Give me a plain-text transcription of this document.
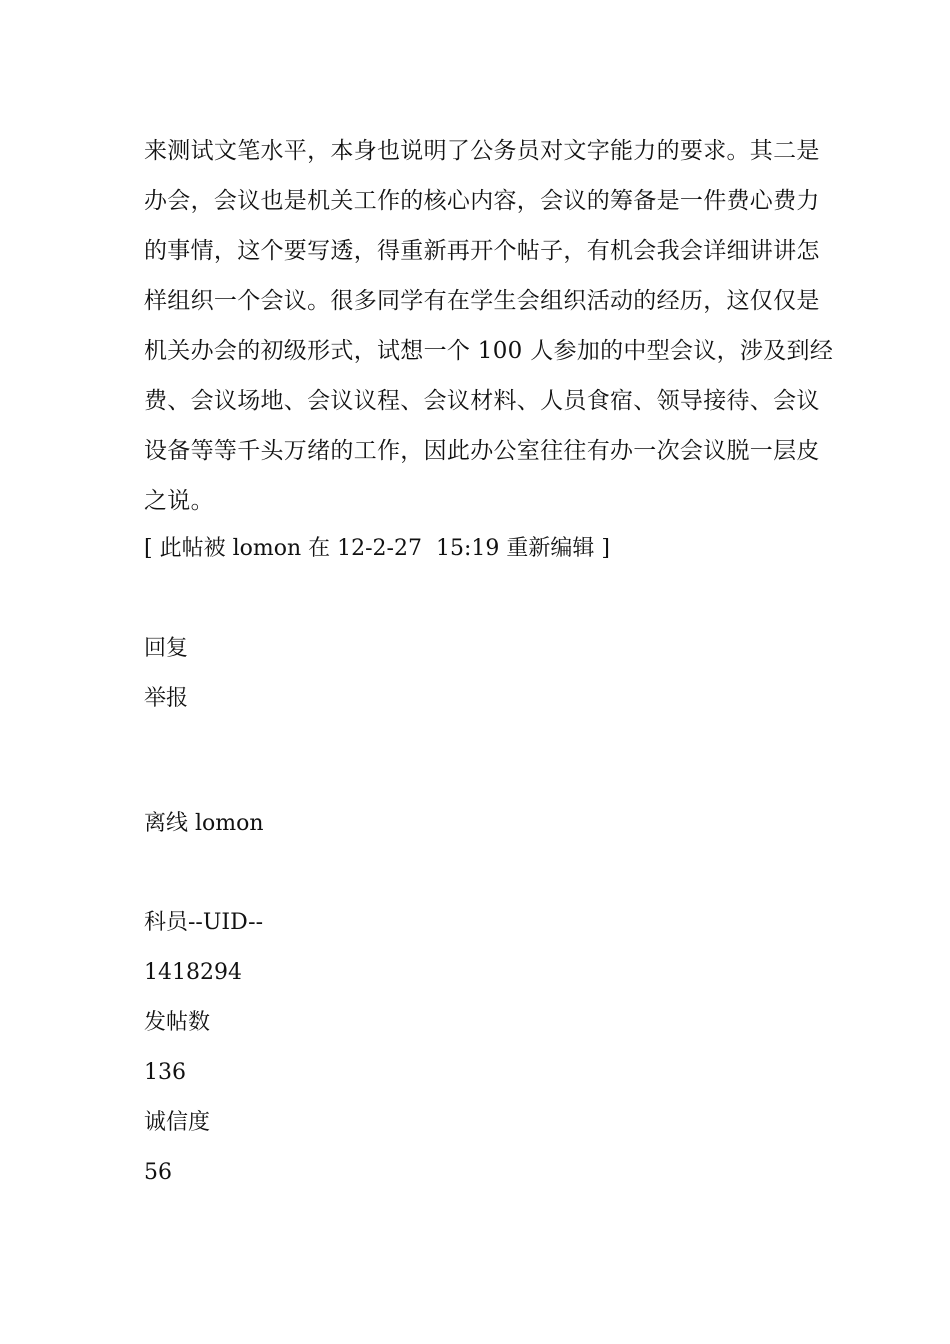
来测试文笔水平，本身也说明了公务员对文字能力的要求。其二是
办会，会议也是机关工作的核心内容，会议的筹备是一件费心费力
的事情，这个要写透，得重新再开个帖子，有机会我会详细讲讲怎
样组织一个会议。很多同学有在学生会组织活动的经历，这仅仅是
机关办会的初级形式，试想一个 100 人参加的中型会议，涉及到经
费、会议场地、会议议程、会议材料、人员食宿、领导接待、会议
设备等等千头万绪的工作，因此办公室往往有办一次会议脱一层皮
之说。
[ 此帖被 lomon 在 12-2-27  15:19 重新编辑 ]
回复
举报
离线 lomon
科员--UID--
1418294
发帖数
136
诚信度
56
